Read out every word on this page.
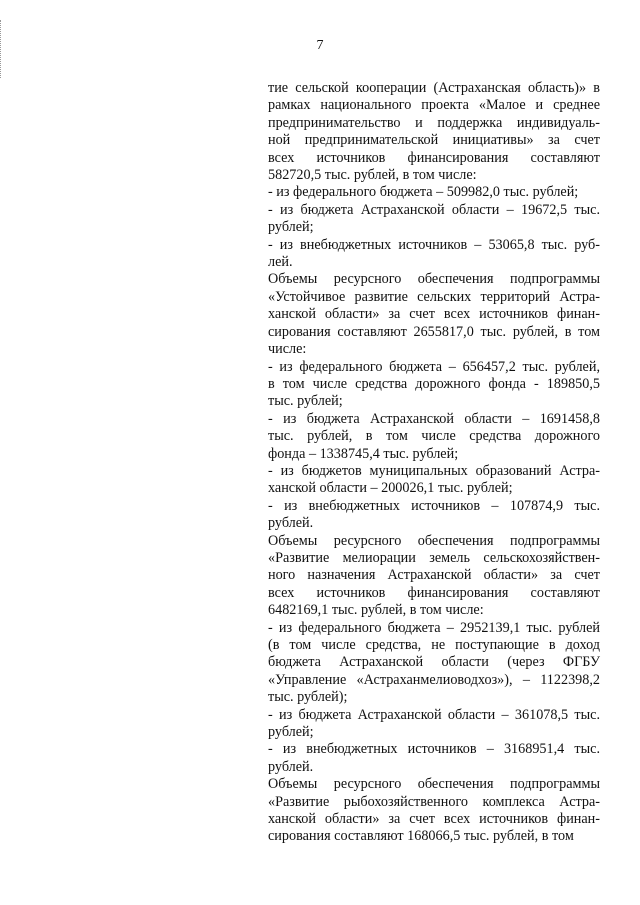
7
тие сельской кооперации (Астраханская область)» в
рамках национального проекта «Малое и среднее
предпринимательство и поддержка индивидуаль-
ной предпринимательской инициативы» за счет
всех источников финансирования составляют
582720,5 тыс. рублей, в том числе:
- из федерального бюджета – 509982,0 тыс. рублей;
- из бюджета Астраханской области – 19672,5 тыс.
рублей;
- из внебюджетных источников – 53065,8 тыс. руб-
лей.
Объемы ресурсного обеспечения подпрограммы
«Устойчивое развитие сельских территорий Астра-
ханской области» за счет всех источников финан-
сирования составляют 2655817,0 тыс. рублей, в том
числе:
- из федерального бюджета – 656457,2 тыс. рублей,
в том числе средства дорожного фонда - 189850,5
тыс. рублей;
- из бюджета Астраханской области – 1691458,8
тыс. рублей, в том числе средства дорожного
фонда – 1338745,4 тыс. рублей;
- из бюджетов муниципальных образований Астра-
ханской области – 200026,1 тыс. рублей;
- из внебюджетных источников – 107874,9 тыс.
рублей.
Объемы ресурсного обеспечения подпрограммы
«Развитие мелиорации земель сельскохозяйствен-
ного назначения Астраханской области» за счет
всех источников финансирования составляют
6482169,1 тыс. рублей, в том числе:
- из федерального бюджета – 2952139,1 тыс. рублей
(в том числе средства, не поступающие в доход
бюджета Астраханской области (через ФГБУ
«Управление «Астраханмелиоводхоз»), – 1122398,2
тыс. рублей);
- из бюджета Астраханской области – 361078,5 тыс.
рублей;
- из внебюджетных источников – 3168951,4 тыс.
рублей.
Объемы ресурсного обеспечения подпрограммы
«Развитие рыбохозяйственного комплекса Астра-
ханской области» за счет всех источников финан-
сирования составляют 168066,5 тыс. рублей, в том
